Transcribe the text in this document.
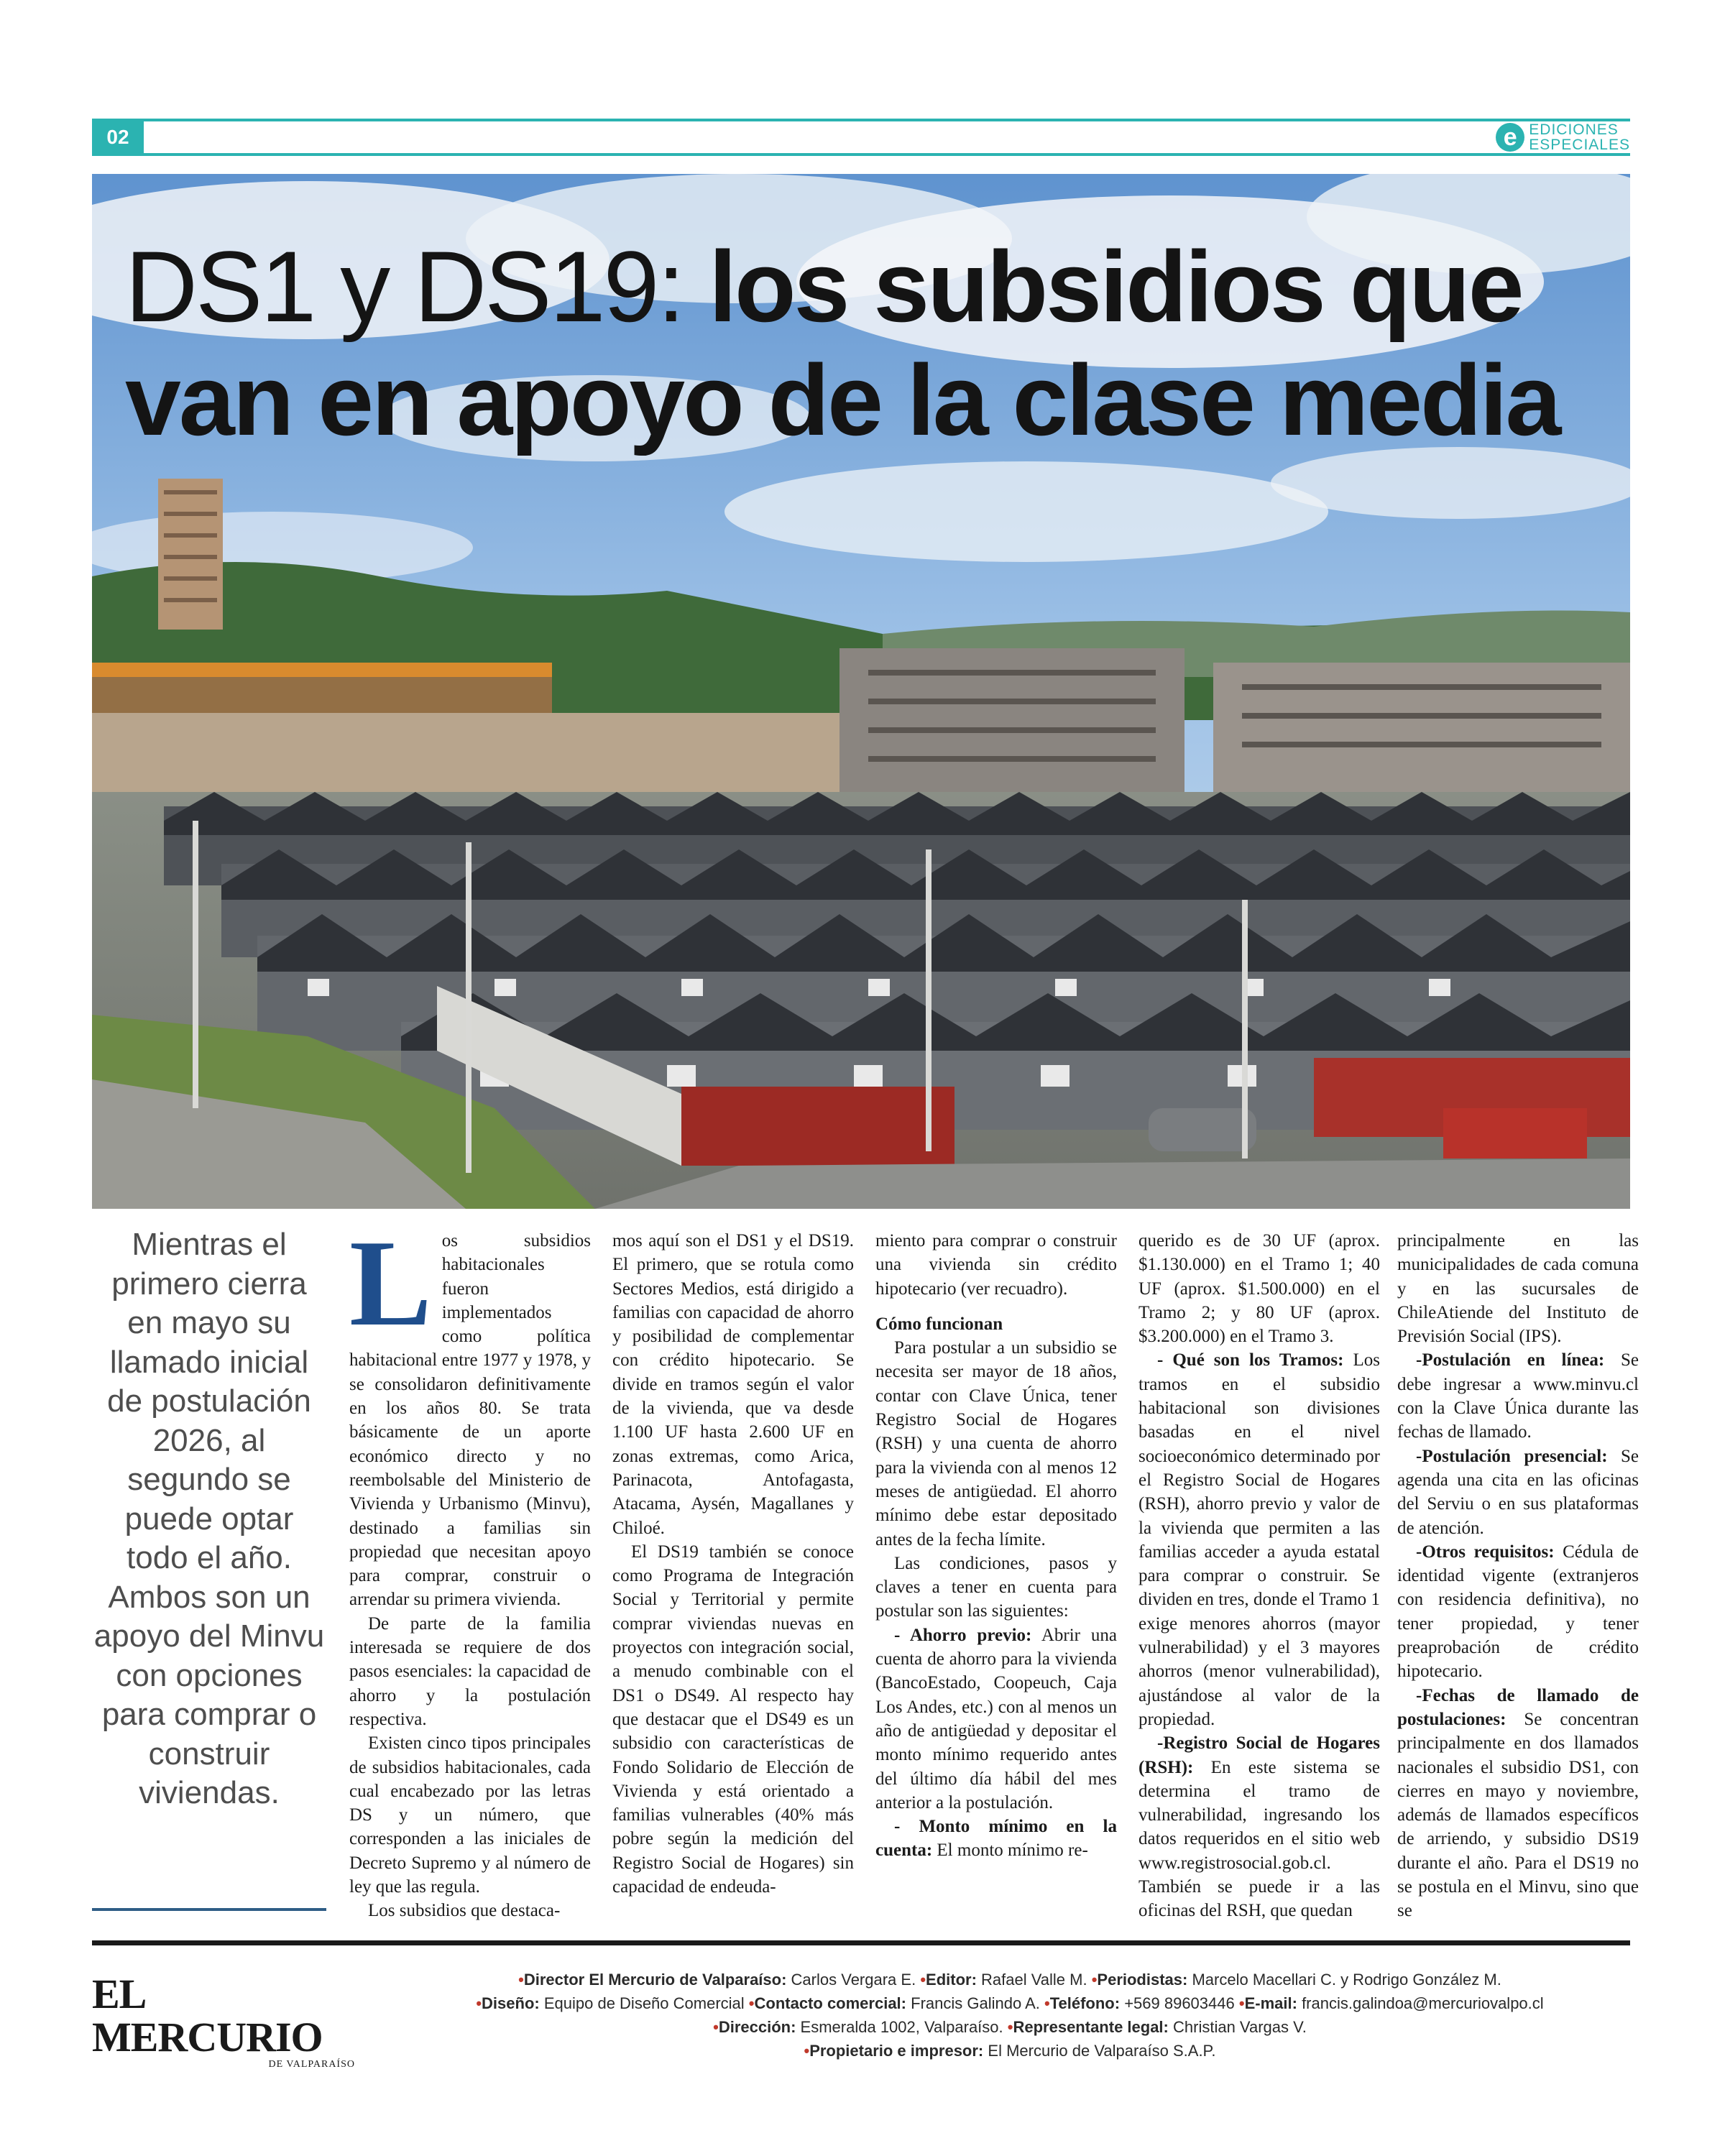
02	e EDICIONES
ESPECIALES
DS1 y DS19: los subsidios que van en apoyo de la clase media
Mientras el primero cierra en mayo su llamado inicial de postulación 2026, al segundo se puede optar todo el año. Ambos son un apoyo del Minvu con opciones para comprar o construir viviendas.

L os subsidios habitacionales fueron implementados como política habitacional entre 1977 y 1978, y se consolidaron definitivamente en los años 80. Se trata básicamente de un aporte económico directo y no reembolsable del Ministerio de Vivienda y Urbanismo (Minvu), destinado a familias sin propiedad que necesitan apoyo para comprar, construir o arrendar su primera vivienda.

De parte de la familia interesada se requiere de dos pasos esenciales: la capacidad de ahorro y la postulación respectiva.

Existen cinco tipos principales de subsidios habitacionales, cada cual encabezado por las letras DS y un número, que corresponden a las iniciales de Decreto Supremo y al número de ley que las regula.

Los subsidios que destaca-

mos aquí son el DS1 y el DS19. El primero, que se rotula como Sectores Medios, está dirigido a familias con capacidad de ahorro y posibilidad de complementar con crédito hipotecario. Se divide en tramos según el valor de la vivienda, que va desde 1.100 UF hasta 2.600 UF en zonas extremas, como Arica, Parinacota, Antofagasta, Atacama, Aysén, Magallanes y Chiloé.

El DS19 también se conoce como Programa de Integración Social y Territorial y permite comprar viviendas nuevas en proyectos con integración social, a menudo combinable con el DS1 o DS49. Al respecto hay que destacar que el DS49 es un subsidio con características de Fondo Solidario de Elección de Vivienda y está orientado a familias vulnerables (40% más pobre según la medición del Registro Social de Hogares) sin capacidad de endeuda-

miento para comprar o construir una vivienda sin crédito hipotecario (ver recuadro).

Cómo funcionan

Para postular a un subsidio se necesita ser mayor de 18 años, contar con Clave Única, tener Registro Social de Hogares (RSH) y una cuenta de ahorro para la vivienda con al menos 12 meses de antigüedad. El ahorro mínimo debe estar depositado antes de la fecha límite.

Las condiciones, pasos y claves a tener en cuenta para postular son las siguientes:

- Ahorro previo: Abrir una cuenta de ahorro para la vivienda (BancoEstado, Coopeuch, Caja Los Andes, etc.) con al menos un año de antigüedad y depositar el monto mínimo requerido antes del último día hábil del mes anterior a la postulación.

- Monto mínimo en la cuenta: El monto mínimo re-

querido es de 30 UF (aprox. $1.130.000) en el Tramo 1; 40 UF (aprox. $1.500.000) en el Tramo 2; y 80 UF (aprox. $3.200.000) en el Tramo 3.

- Qué son los Tramos: Los tramos en el subsidio habitacional son divisiones basadas en el nivel socioeconómico determinado por el Registro Social de Hogares (RSH), ahorro previo y valor de la vivienda que permiten a las familias acceder a ayuda estatal para comprar o construir. Se dividen en tres, donde el Tramo 1 exige menores ahorros (mayor vulnerabilidad) y el 3 mayores ahorros (menor vulnerabilidad), ajustándose al valor de la propiedad.

-Registro Social de Hogares (RSH): En este sistema se determina el tramo de vulnerabilidad, ingresando los datos requeridos en el sitio web www.registrosocial.gob.cl. También se puede ir a las oficinas del RSH, que quedan

principalmente en las municipalidades de cada comuna y en las sucursales de ChileAtiende del Instituto de Previsión Social (IPS).

-Postulación en línea: Se debe ingresar a www.minvu.cl con la Clave Única durante las fechas de llamado.

-Postulación presencial: Se agenda una cita en las oficinas del Serviu o en sus plataformas de atención.

-Otros requisitos: Cédula de identidad vigente (extranjeros con residencia definitiva), no tener propiedad, y tener preaprobación de crédito hipotecario.

-Fechas de llamado de postulaciones: Se concentran principalmente en dos llamados nacionales el subsidio DS1, con cierres en mayo y noviembre, además de llamados específicos de arriendo, y subsidio DS19 durante el año. Para el DS19 no se postula en el Minvu, sino que se

EL MERCURIO
DE VALPARAÍSO
•Director El Mercurio de Valparaíso: Carlos Vergara E. •Editor: Rafael Valle M. •Periodistas: Marcelo Macellari C. y Rodrigo González M.
•Diseño: Equipo de Diseño Comercial •Contacto comercial: Francis Galindo A. •Teléfono: +569 89603446 •E-mail: francis.galindoa@mercuriovalpo.cl
•Dirección: Esmeralda 1002, Valparaíso. •Representante legal: Christian Vargas V.
•Propietario e impresor: El Mercurio de Valparaíso S.A.P.
